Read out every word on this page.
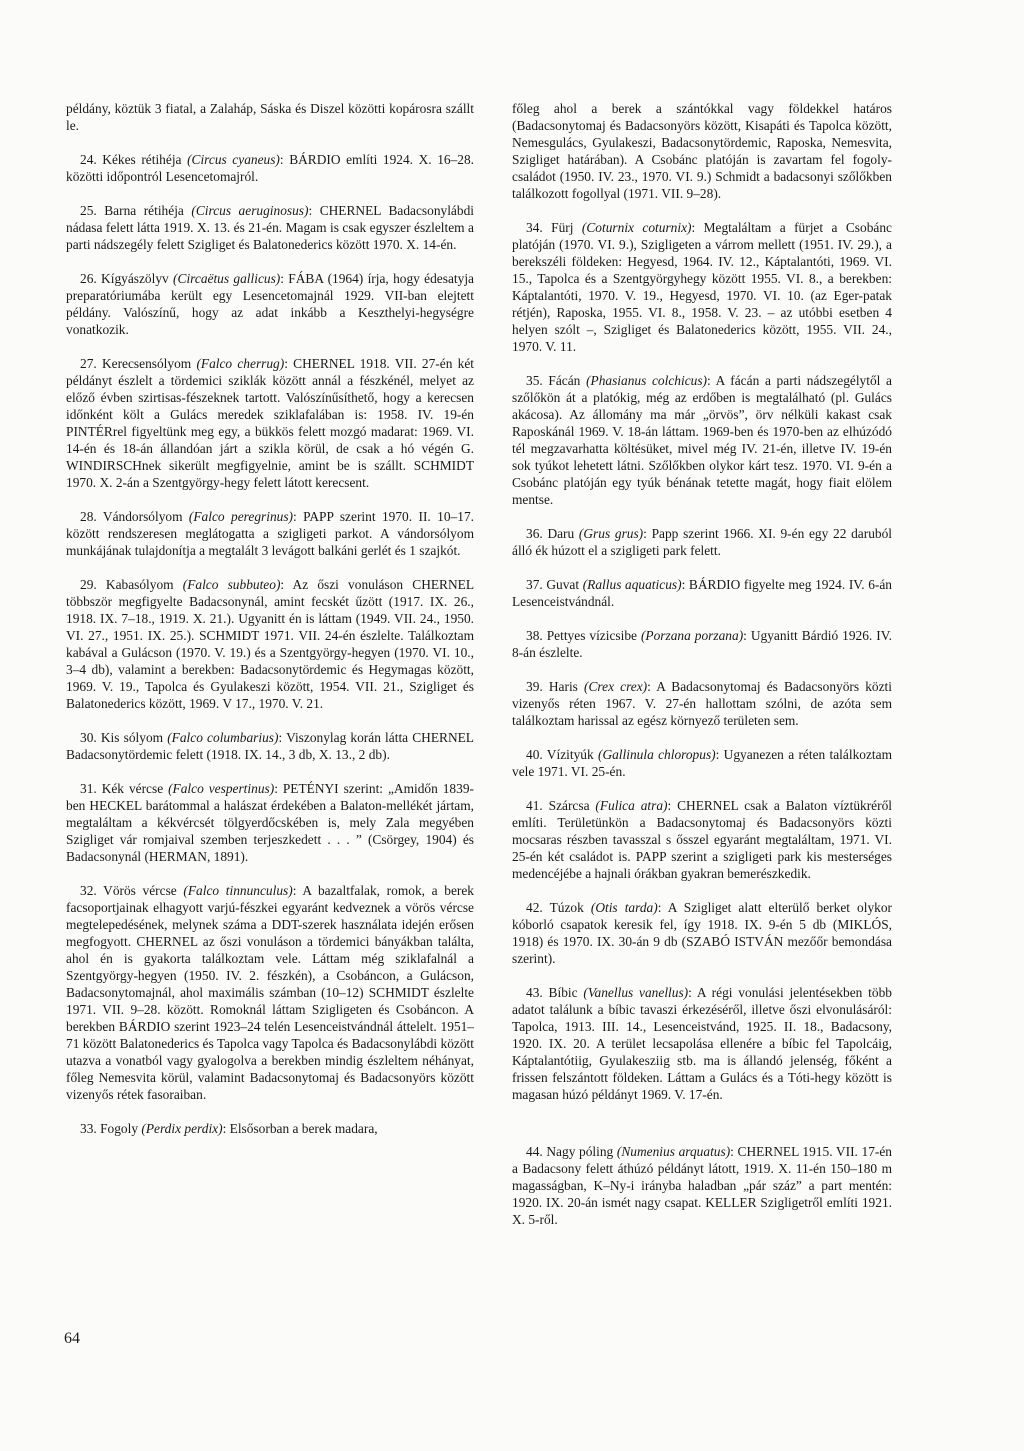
példány, köztük 3 fiatal, a Zalaháp, Sáska és Diszel közötti kopárosra szállt le.
24. Kékes rétihéja (Circus cyaneus): BÁRDIO említi 1924. X. 16–28. közötti időpontról Lesencetomajról.
25. Barna rétihéja (Circus aeruginosus): CHERNEL Badacsonylábdi nádasa felett látta 1919. X. 13. és 21-én. Magam is csak egyszer észleltem a parti nádszegély felett Szigliget és Balatonederics között 1970. X. 14-én.
26. Kígyászölyv (Circaëtus gallicus): FÁBA (1964) írja, hogy édesatyja preparatóriumába került egy Lesencetomajnál 1929. VII-ban elejtett példány. Valószínű, hogy az adat inkább a Keszthelyi-hegységre vonatkozik.
27. Kerecsensólyom (Falco cherrug): CHERNEL 1918. VII. 27-én két példányt észlelt a tördemici sziklák között annál a fészkénél, melyet az előző évben szirtisas-fészeknek tartott. Valószínűsíthető, hogy a kerecsen időnként költ a Gulács meredek sziklafalában is: 1958. IV. 19-én PINTÉRrel figyeltünk meg egy, a bükkös felett mozgó madarat: 1969. VI. 14-én és 18-án állandóan járt a szikla körül, de csak a hó végén G. WINDIRSCHnek sikerült megfigyelnie, amint be is szállt. SCHMIDT 1970. X. 2-án a Szentgyörgy-hegy felett látott kerecsent.
28. Vándorsólyom (Falco peregrinus): PAPP szerint 1970. II. 10–17. között rendszeresen meglátogatta a szigligeti parkot. A vándorsólyom munkájának tulajdonítja a megtalált 3 levágott balkáni gerlét és 1 szajkót.
29. Kabasólyom (Falco subbuteo): Az őszi vonuláson CHERNEL többször megfigyelte Badacsonynál, amint fecskét űzött (1917. IX. 26., 1918. IX. 7–18., 1919. X. 21.). Ugyanitt én is láttam (1949. VII. 24., 1950. VI. 27., 1951. IX. 25.). SCHMIDT 1971. VII. 24-én észlelte. Találkoztam kabával a Gulácson (1970. V. 19.) és a Szentgyörgy-hegyen (1970. VI. 10., 3–4 db), valamint a berekben: Badacsonytördemic és Hegymagas között, 1969. V. 19., Tapolca és Gyulakeszi között, 1954. VII. 21., Szigliget és Balatonederics között, 1969. V 17., 1970. V. 21.
30. Kis sólyom (Falco columbarius): Viszonylag korán látta CHERNEL Badacsonytördemic felett (1918. IX. 14., 3 db, X. 13., 2 db).
31. Kék vércse (Falco vespertinus): PETÉNYI szerint: „Amidőn 1839-ben HECKEL barátommal a halászat érdekében a Balaton-mellékét jártam, megtaláltam a kékvércsét tölgyerdőcskében is, mely Zala megyében Szigliget vár romjaival szemben terjeszkedett . . . ” (Csörgey, 1904) és Badacsonynál (HERMAN, 1891).
32. Vörös vércse (Falco tinnunculus): A bazaltfalak, romok, a berek facsoportjainak elhagyott varjú-fészkei egyaránt kedveznek a vörös vércse megtelepedésének, melynek száma a DDT-szerek használata idején erősen megfogyott. CHERNEL az őszi vonuláson a tördemici bányákban találta, ahol én is gyakorta találkoztam vele. Láttam még sziklafalnál a Szentgyörgy-hegyen (1950. IV. 2. fészkén), a Csobáncon, a Gulácson, Badacsonytomajnál, ahol maximális számban (10–12) SCHMIDT észlelte 1971. VII. 9–28. között. Romoknál láttam Szigligeten és Csobáncon. A berekben BÁRDIO szerint 1923–24 telén Lesenceistvándnál áttelelt. 1951–71 között Balatonederics és Tapolca vagy Tapolca és Badacsonylábdi között utazva a vonatból vagy gyalogolva a berekben mindig észleltem néhányat, főleg Nemesvita körül, valamint Badacsonytomaj és Badacsonyörs között vizenyős rétek fasoraiban.
33. Fogoly (Perdix perdix): Elsősorban a berek madara,
főleg ahol a berek a szántókkal vagy földekkel határos (Badacsonytomaj és Badacsonyörs között, Kisapáti és Tapolca között, Nemesgulács, Gyulakeszi, Badacsonytördemic, Raposka, Nemesvita, Szigliget határában). A Csobánc platóján is zavartam fel fogoly-családot (1950. IV. 23., 1970. VI. 9.) Schmidt a badacsonyi szőlőkben találkozott fogollyal (1971. VII. 9–28).
34. Fürj (Coturnix coturnix): Megtaláltam a fürjet a Csobánc platóján (1970. VI. 9.), Szigligeten a várrom mellett (1951. IV. 29.), a berekszéli földeken: Hegyesd, 1964. IV. 12., Káptalantóti, 1969. VI. 15., Tapolca és a Szentgyörgyhegy között 1955. VI. 8., a berekben: Káptalantóti, 1970. V. 19., Hegyesd, 1970. VI. 10. (az Eger-patak rétjén), Raposka, 1955. VI. 8., 1958. V. 23. – az utóbbi esetben 4 helyen szólt –, Szigliget és Balatonederics között, 1955. VII. 24., 1970. V. 11.
35. Fácán (Phasianus colchicus): A fácán a parti nádszegélytől a szőlőkön át a platókig, még az erdőben is megtalálható (pl. Gulács akácosa). Az állomány ma már „örvös”, örv nélküli kakast csak Raposkánál 1969. V. 18-án láttam. 1969-ben és 1970-ben az elhúzódó tél megzavarhatta költésüket, mivel még IV. 21-én, illetve IV. 19-én sok tyúkot lehetett látni. Szőlőkben olykor kárt tesz. 1970. VI. 9-én a Csobánc platóján egy tyúk bénának tetette magát, hogy fiait elölem mentse.
36. Daru (Grus grus): Papp szerint 1966. XI. 9-én egy 22 daruból álló ék húzott el a szigligeti park felett.
37. Guvat (Rallus aquaticus): BÁRDIO figyelte meg 1924. IV. 6-án Lesenceistvándnál.
38. Pettyes vízicsibe (Porzana porzana): Ugyanitt Bárdió 1926. IV. 8-án észlelte.
39. Haris (Crex crex): A Badacsonytomaj és Badacsonyörs közti vizenyős réten 1967. V. 27-én hallottam szólni, de azóta sem találkoztam harissal az egész környező területen sem.
40. Vízityúk (Gallinula chloropus): Ugyanezen a réten találkoztam vele 1971. VI. 25-én.
41. Szárcsa (Fulica atra): CHERNEL csak a Balaton víztükréről említi. Területünkön a Badacsonytomaj és Badacsonyörs közti mocsaras részben tavasszal s ősszel egyaránt megtaláltam, 1971. VI. 25-én két családot is. PAPP szerint a szigligeti park kis mesterséges medencéjébe a hajnali órákban gyakran bemerészkedik.
42. Túzok (Otis tarda): A Szigliget alatt elterülő berket olykor kóborló csapatok keresik fel, így 1918. IX. 9-én 5 db (MIKLÓS, 1918) és 1970. IX. 30-án 9 db (SZABÓ ISTVÁN mezőőr bemondása szerint).
43. Bíbic (Vanellus vanellus): A régi vonulási jelentésekben több adatot találunk a bíbic tavaszi érkezéséről, illetve őszi elvonulásáról: Tapolca, 1913. III. 14., Lesenceistvánd, 1925. II. 18., Badacsony, 1920. IX. 20. A terület lecsapolása ellenére a bíbic fel Tapolcáig, Káptalantótiig, Gyulakesziig stb. ma is állandó jelenség, főként a frissen felszántott földeken. Láttam a Gulács és a Tóti-hegy között is magasan húzó példányt 1969. V. 17-én.
44. Nagy póling (Numenius arquatus): CHERNEL 1915. VII. 17-én a Badacsony felett áthúzó példányt látott, 1919. X. 11-én 150–180 m magasságban, K–Ny-i irányba haladban „pár száz” a part mentén: 1920. IX. 20-án ismét nagy csapat. KELLER Szigligetről említi 1921. X. 5-ről.
64
